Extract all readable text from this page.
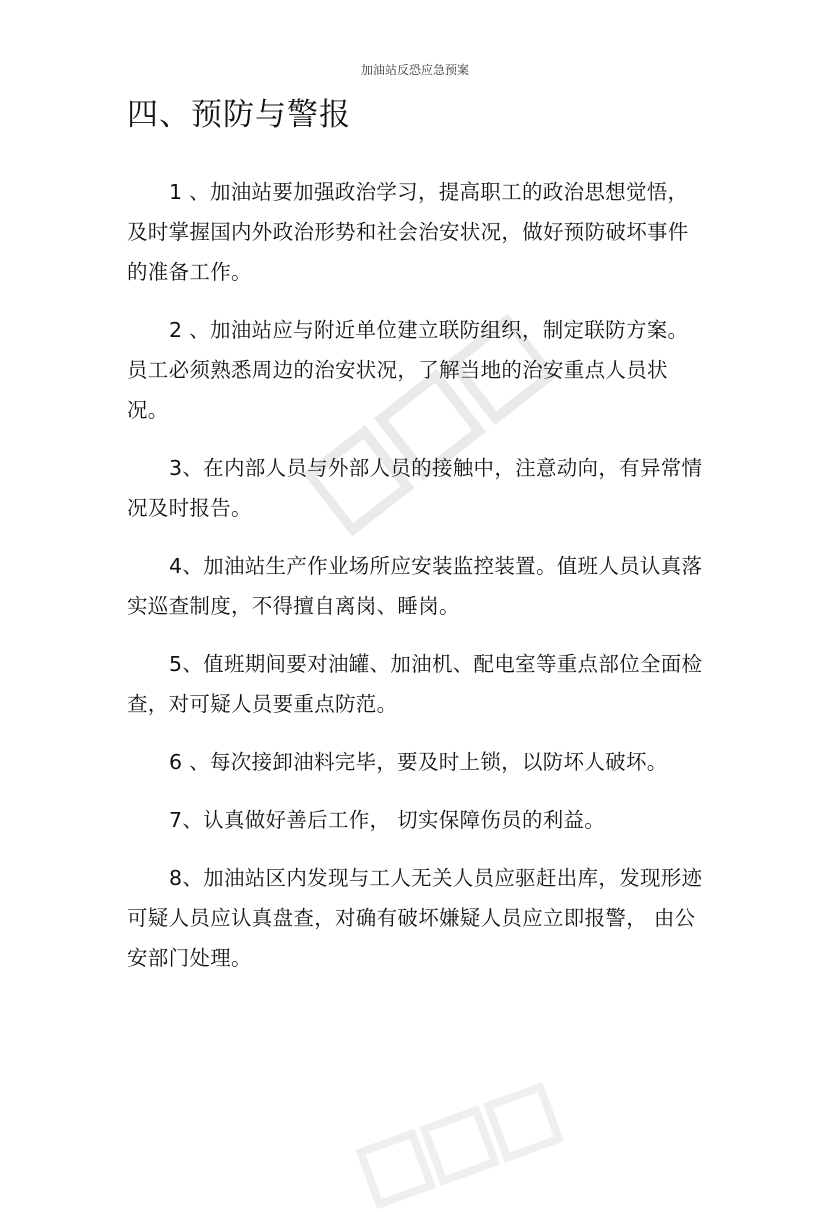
加油站反恐应急预案
四、预防与警报

1 、加油站要加强政治学习，提高职工的政治思想觉悟，及时掌握国内外政治形势和社会治安状况，做好预防破坏事件的准备工作。

2 、加油站应与附近单位建立联防组织，制定联防方案。员工必须熟悉周边的治安状况，了解当地的治安重点人员状况。

3、在内部人员与外部人员的接触中，注意动向，有异常情况及时报告。

4、加油站生产作业场所应安装监控装置。值班人员认真落实巡查制度，不得擅自离岗、睡岗。

5、值班期间要对油罐、加油机、配电室等重点部位全面检查，对可疑人员要重点防范。

6 、每次接卸油料完毕，要及时上锁，以防坏人破坏。

7、认真做好善后工作， 切实保障伤员的利益。

8、加油站区内发现与工人无关人员应驱赶出库，发现形迹可疑人员应认真盘查，对确有破坏嫌疑人员应立即报警， 由公安部门处理。
